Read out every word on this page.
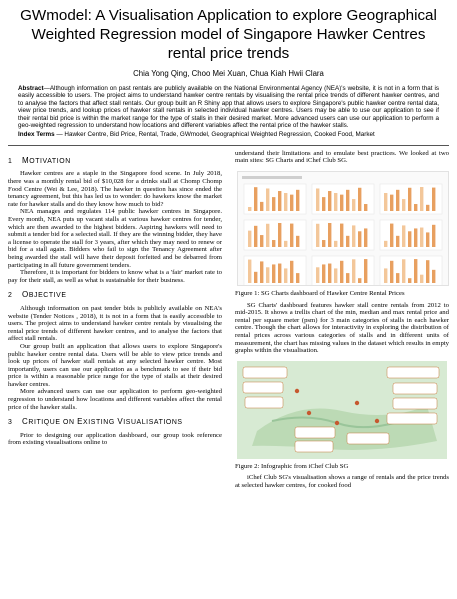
GWmodel: A Visualisation Application to explore Geographical
Weighted Regression model of Singapore Hawker Centres
rental price trends
Chia Yong Qing, Choo Mei Xuan, Chua Kiah Hwii Clara
Abstract—Although information on past rentals are publicly available on the National Environmental Agency (NEA)'s website, it is not in a form that is easily accessible to users. The project aims to understand hawker centre rentals by visualising the rental price trends of different hawker centres, and to analyse the factors that affect stall rentals. Our group built an R Shiny app that allows users to explore Singapore's public hawker centre rental data, view price trends, and lookup prices of hawker stall rentals in selected individual hawker centres. Users may be able to use our application to see if their rental bid price is within the market range for the type of stalls in their desired market. More advanced users can use our application to perform a geo-weighted regression to understand how locations and different variables affect the rental price of the hawker stalls.
Index Terms — Hawker Centre, Bid Price, Rental, Trade, GWmodel, Geographical Weighted Regression, Cooked Food, Market
1 MOTIVATION

Hawker centres are a staple in the Singapore food scene. In July 2018, there was a monthly rental bid of $10,028 for a drinks stall at Chomp Chomp Food Centre (Wei & Lee, 2018). The hawker in question has since ended the tenancy agreement, but this has led us to wonder: do hawkers know the market rate for hawker stalls and do they know how much to bid?

NEA manages and regulates 114 public hawker centres in Singapore. Every month, NEA puts up vacant stalls at various hawker centres for tender, which are then awarded to the highest bidders. Aspiring hawkers will need to submit a tender bid for a selected stall. If they are the winning bidder, they have a license to operate the stall for 3 years, after which they may need to renew or bid for a stall again. Bidders who fail to sign the Tenancy Agreement after being awarded the stall will have their deposit forfeited and be debarred from participating in all future government tenders.

Therefore, it is important for bidders to know what is a 'fair' market rate to pay for their stall, as well as what is sustainable for their business.

2 OBJECTIVE

Although information on past tender bids is publicly available on NEA's website (Tender Notices , 2018), it is not in a form that is easily accessible to users. The project aims to understand hawker centre rentals by visualising the rental price trends of different hawker centres, and to analyse the factors that affect stall rentals.

Our group built an application that allows users to explore Singapore's public hawker centre rental data. Users will be able to view price trends and look up prices of hawker stall rentals at any selected hawker centre. Most importantly, users can use our application as a benchmark to see if their bid price is within a reasonable price range for the type of stalls at their desired hawker centres.

More advanced users can use our application to perform geo-weighted regression to understand how locations and different variables affect the rental price of the hawker stalls.

3 CRITIQUE ON EXISTING VISUALISATIONS

Prior to designing our application dashboard, our group took reference from existing visualisations online to

understand their limitations and to emulate best practices. We looked at two main sites: SG Charts and iChef Club SG.

Figure 1: SG Charts dashboard of Hawker Centre Rental Prices

SG Charts' dashboard features hawker stall centre rentals from 2012 to mid-2015. It shows a trellis chart of the min, median and max rental price and rental per square meter (psm) for 3 main categories of stalls in each hawker centre. Though the chart allows for interactivity in exploring the distribution of rental prices across various categories of stalls and in different units of measurement, the chart has missing values in the dataset which results in empty graphs within the visualisation.

Figure 2: Infographic from iChef Club SG

iChef Club SG's visualisation shows a range of rentals and the price trends at selected hawker centres, for cooked food
